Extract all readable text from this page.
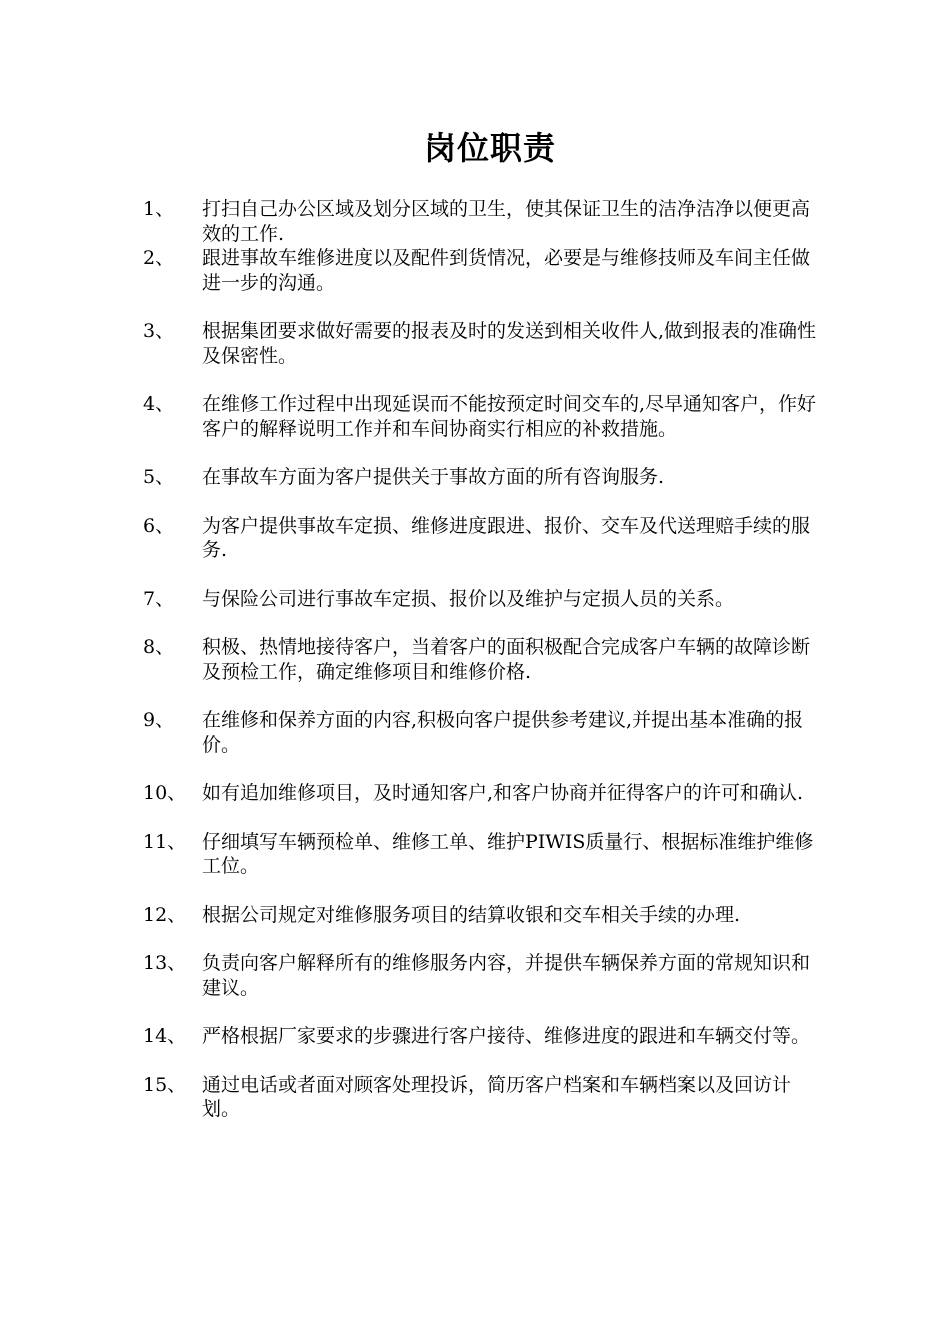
岗位职责
1、	打扫自己办公区域及划分区域的卫生，使其保证卫生的洁净洁净以便更高效的工作.
2、	跟进事故车维修进度以及配件到货情况，必要是与维修技师及车间主任做进一步的沟通。
3、	根据集团要求做好需要的报表及时的发送到相关收件人,做到报表的准确性及保密性。
4、	在维修工作过程中出现延误而不能按预定时间交车的,尽早通知客户，作好客户的解释说明工作并和车间协商实行相应的补救措施。
5、	在事故车方面为客户提供关于事故方面的所有咨询服务.
6、	为客户提供事故车定损、维修进度跟进、报价、交车及代送理赔手续的服务.
7、	与保险公司进行事故车定损、报价以及维护与定损人员的关系。
8、	积极、热情地接待客户，当着客户的面积极配合完成客户车辆的故障诊断及预检工作，确定维修项目和维修价格.
9、	在维修和保养方面的内容,积极向客户提供参考建议,并提出基本准确的报价。
10、 如有追加维修项目，及时通知客户,和客户协商并征得客户的许可和确认.
11、 仔细填写车辆预检单、维修工单、维护PIWIS质量行、根据标准维护维修工位。
12、 根据公司规定对维修服务项目的结算收银和交车相关手续的办理.
13、 负责向客户解释所有的维修服务内容，并提供车辆保养方面的常规知识和建议。
14、 严格根据厂家要求的步骤进行客户接待、维修进度的跟进和车辆交付等。
15、 通过电话或者面对顾客处理投诉，简历客户档案和车辆档案以及回访计划。
